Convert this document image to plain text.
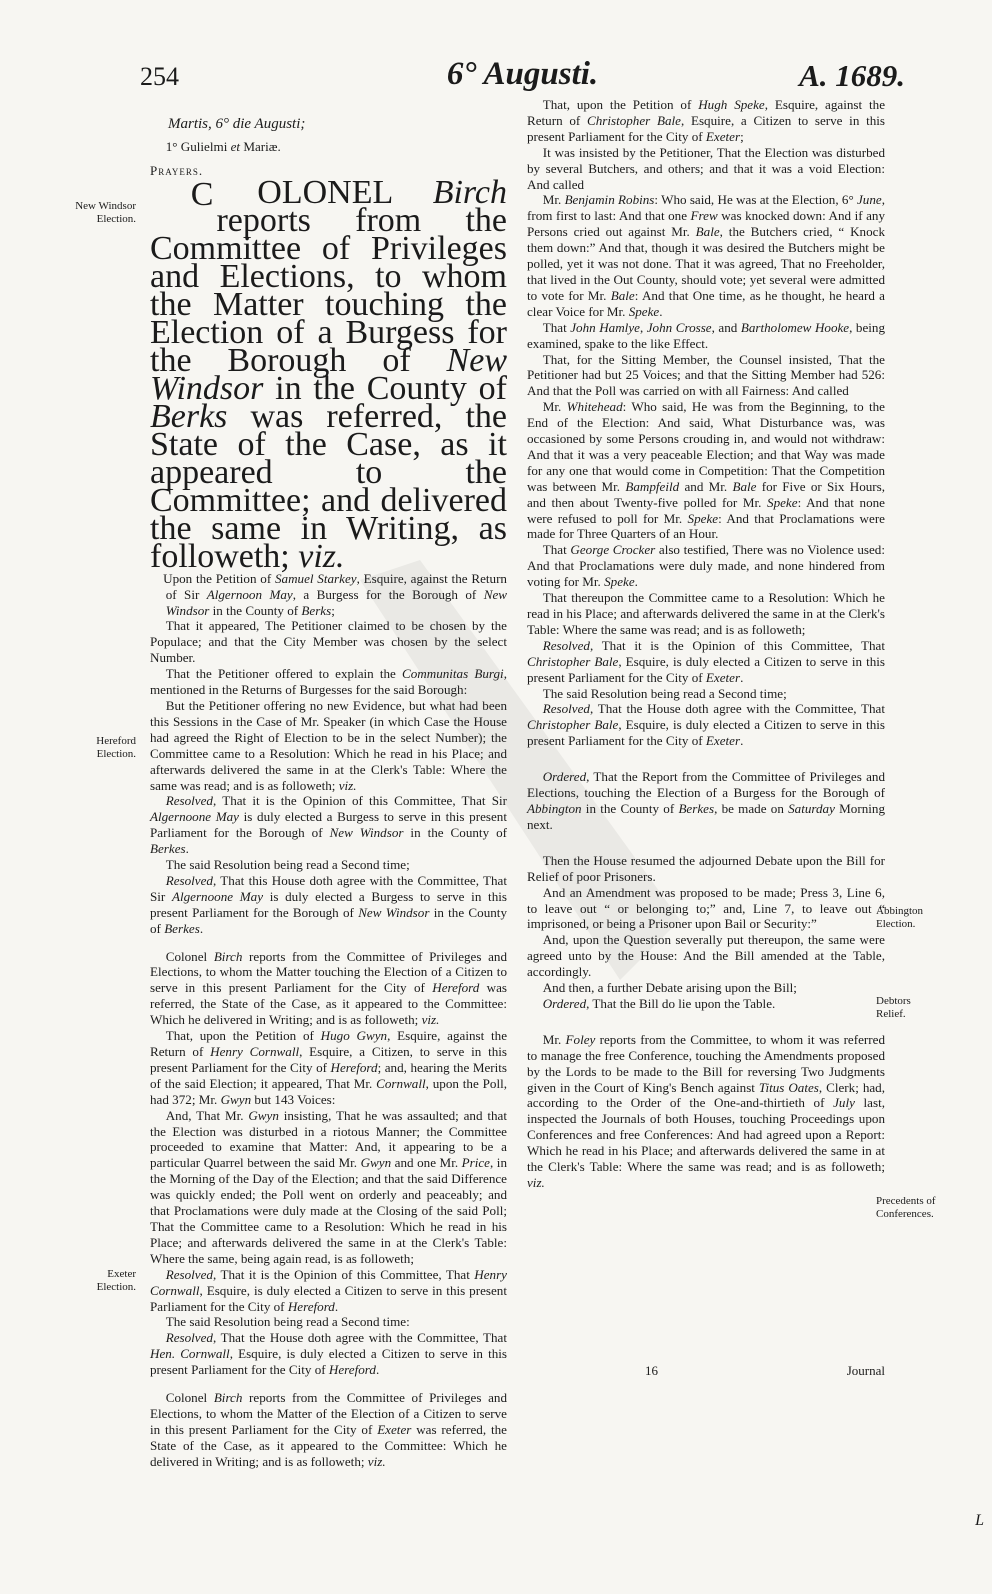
254	6° Augusti.	A. 1689.

Martis, 6° die Augusti;

1° Gulielmi et Mariæ.

Prayers.

C OLONEL Birch reports from the Committee of Privileges and Elections, to whom the Matter touching the Election of a Burgess for the Borough of New Windsor in the County of Berks was referred, the State of the Case, as it appeared to the Committee; and delivered the same in Writing, as followeth; viz.

Upon the Petition of Samuel Starkey, Esquire, against the Return of Sir Algernoon May, a Burgess for the Borough of New Windsor in the County of Berks;

That it appeared, The Petitioner claimed to be chosen by the Populace; and that the City Member was chosen by the select Number.

That the Petitioner offered to explain the Communitas Burgi, mentioned in the Returns of Burgesses for the said Borough:

But the Petitioner offering no new Evidence, but what had been this Sessions in the Case of Mr. Speaker (in which Case the House had agreed the Right of Election to be in the select Number); the Committee came to a Resolution: Which he read in his Place; and afterwards delivered the same in at the Clerk's Table: Where the same was read; and is as followeth; viz.

Resolved, That it is the Opinion of this Committee, That Sir Algernoone May is duly elected a Burgess to serve in this present Parliament for the Borough of New Windsor in the County of Berkes.

The said Resolution being read a Second time;

Resolved, That this House doth agree with the Committee, That Sir Algernoone May is duly elected a Burgess to serve in this present Parliament for the Borough of New Windsor in the County of Berkes.

Colonel Birch reports from the Committee of Privileges and Elections, to whom the Matter touching the Election of a Citizen to serve in this present Parliament for the City of Hereford was referred, the State of the Case, as it appeared to the Committee: Which he delivered in Writing; and is as followeth; viz.

That, upon the Petition of Hugo Gwyn, Esquire, against the Return of Henry Cornwall, Esquire, a Citizen, to serve in this present Parliament for the City of Hereford; and, hearing the Merits of the said Election; it appeared, That Mr. Cornwall, upon the Poll, had 372; Mr. Gwyn but 143 Voices:

And, That Mr. Gwyn insisting, That he was assaulted; and that the Election was disturbed in a riotous Manner; the Committee proceeded to examine that Matter: And, it appearing to be a particular Quarrel between the said Mr. Gwyn and one Mr. Price, in the Morning of the Day of the Election; and that the said Difference was quickly ended; the Poll went on orderly and peaceably; and that Proclamations were duly made at the Closing of the said Poll; That the Committee came to a Resolution: Which he read in his Place; and afterwards delivered the same in at the Clerk's Table: Where the same, being again read, is as followeth;

Resolved, That it is the Opinion of this Committee, That Henry Cornwall, Esquire, is duly elected a Citizen to serve in this present Parliament for the City of Hereford.

The said Resolution being read a Second time:

Resolved, That the House doth agree with the Committee, That Hen. Cornwall, Esquire, is duly elected a Citizen to serve in this present Parliament for the City of Hereford.

Colonel Birch reports from the Committee of Privileges and Elections, to whom the Matter of the Election of a Citizen to serve in this present Parliament for the City of Exeter was referred, the State of the Case, as it appeared to the Committee: Which he delivered in Writing; and is as followeth; viz.

That, upon the Petition of Hugh Speke, Esquire, against the Return of Christopher Bale, Esquire, a Citizen to serve in this present Parliament for the City of Exeter;

It was insisted by the Petitioner, That the Election was disturbed by several Butchers, and others; and that it was a void Election: And called

Mr. Benjamin Robins: Who said, He was at the Election, 6° June, from first to last: And that one Frew was knocked down: And if any Persons cried out against Mr. Bale, the Butchers cried, “ Knock them down:” And that, though it was desired the Butchers might be polled, yet it was not done. That it was agreed, That no Freeholder, that lived in the Out County, should vote; yet several were admitted to vote for Mr. Bale: And that One time, as he thought, he heard a clear Voice for Mr. Speke.

That John Hamlye, John Crosse, and Bartholomew Hooke, being examined, spake to the like Effect.

That, for the Sitting Member, the Counsel insisted, That the Petitioner had but 25 Voices; and that the Sitting Member had 526: And that the Poll was carried on with all Fairness: And called

Mr. Whitehead: Who said, He was from the Beginning, to the End of the Election: And said, What Disturbance was, was occasioned by some Persons crouding in, and would not withdraw: And that it was a very peaceable Election; and that Way was made for any one that would come in Competition: That the Competition was between Mr. Bampfeild and Mr. Bale for Five or Six Hours, and then about Twenty-five polled for Mr. Speke: And that none were refused to poll for Mr. Speke: And that Proclamations were made for Three Quarters of an Hour.

That George Crocker also testified, There was no Violence used: And that Proclamations were duly made, and none hindered from voting for Mr. Speke.

That thereupon the Committee came to a Resolution: Which he read in his Place; and afterwards delivered the same in at the Clerk's Table: Where the same was read; and is as followeth;

Resolved, That it is the Opinion of this Committee, That Christopher Bale, Esquire, is duly elected a Citizen to serve in this present Parliament for the City of Exeter.

The said Resolution being read a Second time;

Resolved, That the House doth agree with the Committee, That Christopher Bale, Esquire, is duly elected a Citizen to serve in this present Parliament for the City of Exeter.

Ordered, That the Report from the Committee of Privileges and Elections, touching the Election of a Burgess for the Borough of Abbington in the County of Berkes, be made on Saturday Morning next.

Then the House resumed the adjourned Debate upon the Bill for Relief of poor Prisoners.

And an Amendment was proposed to be made; Press 3, Line 6, to leave out “ or belonging to;” and, Line 7, to leave out “ imprisoned, or being a Prisoner upon Bail or Security:”

And, upon the Question severally put thereupon, the same were agreed unto by the House: And the Bill amended at the Table, accordingly.

And then, a further Debate arising upon the Bill;

Ordered, That the Bill do lie upon the Table.

Mr. Foley reports from the Committee, to whom it was referred to manage the free Conference, touching the Amendments proposed by the Lords to be made to the Bill for reversing Two Judgments given in the Court of King's Bench against Titus Oates, Clerk; had, according to the Order of the One-and-thirtieth of July last, inspected the Journals of both Houses, touching Proceedings upon Conferences and free Conferences: And had agreed upon a Report: Which he read in his Place; and afterwards delivered the same in at the Clerk's Table: Where the same was read; and is as followeth; viz.

New Windsor
Election.
Hereford
Election.
Exeter
Election.
Abbington
Election.
Debtors
Relief.
Precedents of
Conferences.
16	Journal
L
